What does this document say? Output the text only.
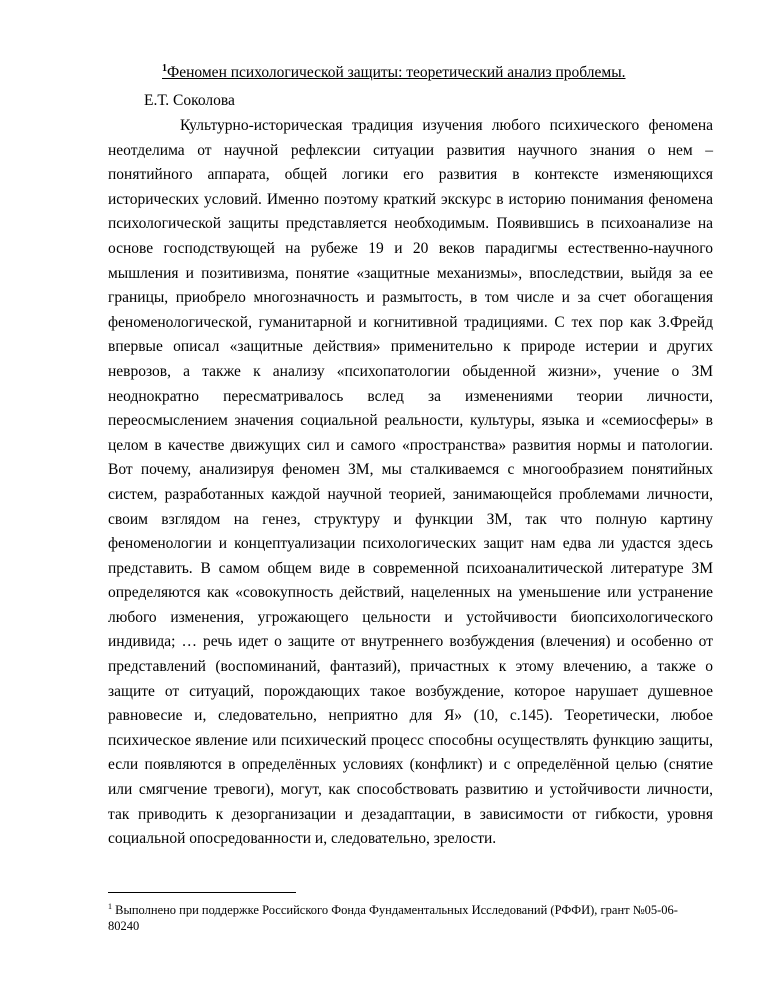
$^1$Феномен психологической защиты: теоретический анализ проблемы.
Е.Т. Соколова

Культурно-историческая традиция изучения любого психического феномена неотделима от научной рефлексии ситуации развития научного знания о нем – понятийного аппарата, общей логики его развития в контексте изменяющихся исторических условий. Именно поэтому краткий экскурс в историю понимания феномена психологической защиты представляется необходимым. Появившись в психоанализе на основе господствующей на рубеже 19 и 20 веков парадигмы естественно-научного мышления и позитивизма, понятие «защитные механизмы», впоследствии, выйдя за ее границы, приобрело многозначность и размытость, в том числе и за счет обогащения феноменологической, гуманитарной и когнитивной традициями. С тех пор как З.Фрейд впервые описал «защитные действия» применительно к природе истерии и других неврозов, а также к анализу «психопатологии обыденной жизни», учение о ЗМ неоднократно пересматривалось вслед за изменениями теории личности, переосмыслением значения социальной реальности, культуры, языка и «семиосферы» в целом в качестве движущих сил и самого «пространства» развития нормы и патологии. Вот почему, анализируя феномен ЗМ, мы сталкиваемся с многообразием понятийных систем, разработанных каждой научной теорией, занимающейся проблемами личности, своим взглядом на генез, структуру и функции ЗМ, так что полную картину феноменологии и концептуализации психологических защит нам едва ли удастся здесь представить. В самом общем виде в современной психоаналитической литературе ЗМ определяются как «совокупность действий, нацеленных на уменьшение или устранение любого изменения, угрожающего цельности и устойчивости биопсихологического индивида; … речь идет о защите от внутреннего возбуждения (влечения) и особенно от представлений (воспоминаний, фантазий), причастных к этому влечению, а также о защите от ситуаций, порождающих такое возбуждение, которое нарушает душевное равновесие и, следовательно, неприятно для Я» (10, с.145). Теоретически, любое психическое явление или психический процесс способны осуществлять функцию защиты, если появляются в определённых условиях (конфликт) и с определённой целью (снятие или смягчение тревоги), могут, как способствовать развитию и устойчивости личности, так приводить к дезорганизации и дезадаптации, в зависимости от гибкости, уровня социальной опосредованности и, следовательно, зрелости.

$^1$ Выполнено при поддержке Российского Фонда Фундаментальных Исследований (РФФИ), грант №05-06-80240
